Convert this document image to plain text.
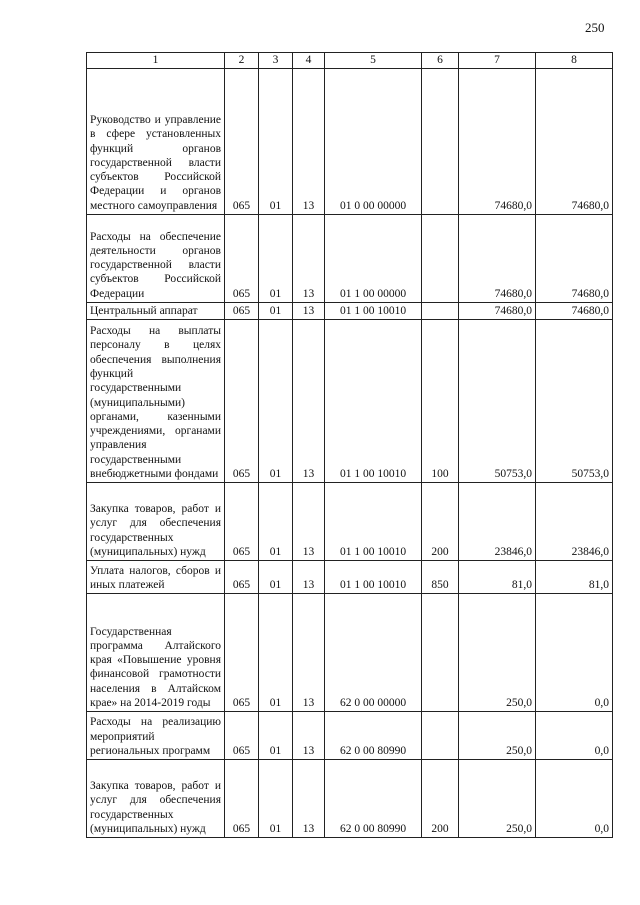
250
1	2	3	4	5	6	7	8
Руководство и управление в сфере установленных функций органов государственной власти субъектов Российской Федерации и органов местного самоуправления	065	01	13	01 0 00 00000		74680,0	74680,0
Расходы на обеспечение деятельности органов государственной власти субъектов Российской Федерации	065	01	13	01 1 00 00000		74680,0	74680,0
Центральный аппарат	065	01	13	01 1 00 10010		74680,0	74680,0
Расходы на выплаты персоналу в целях обеспечения выполнения функций государственными (муниципальными) органами, казенными учреждениями, органами управления государственными внебюджетными фондами	065	01	13	01 1 00 10010	100	50753,0	50753,0
Закупка товаров, работ и услуг для обеспечения государственных (муниципальных) нужд	065	01	13	01 1 00 10010	200	23846,0	23846,0
Уплата налогов, сборов и иных платежей	065	01	13	01 1 00 10010	850	81,0	81,0
Государственная программа Алтайского края «Повышение уровня финансовой грамотности населения в Алтайском крае» на 2014-2019 годы	065	01	13	62 0 00 00000		250,0	0,0
Расходы на реализацию мероприятий региональных программ	065	01	13	62 0 00 80990		250,0	0,0
Закупка товаров, работ и услуг для обеспечения государственных (муниципальных) нужд	065	01	13	62 0 00 80990	200	250,0	0,0
